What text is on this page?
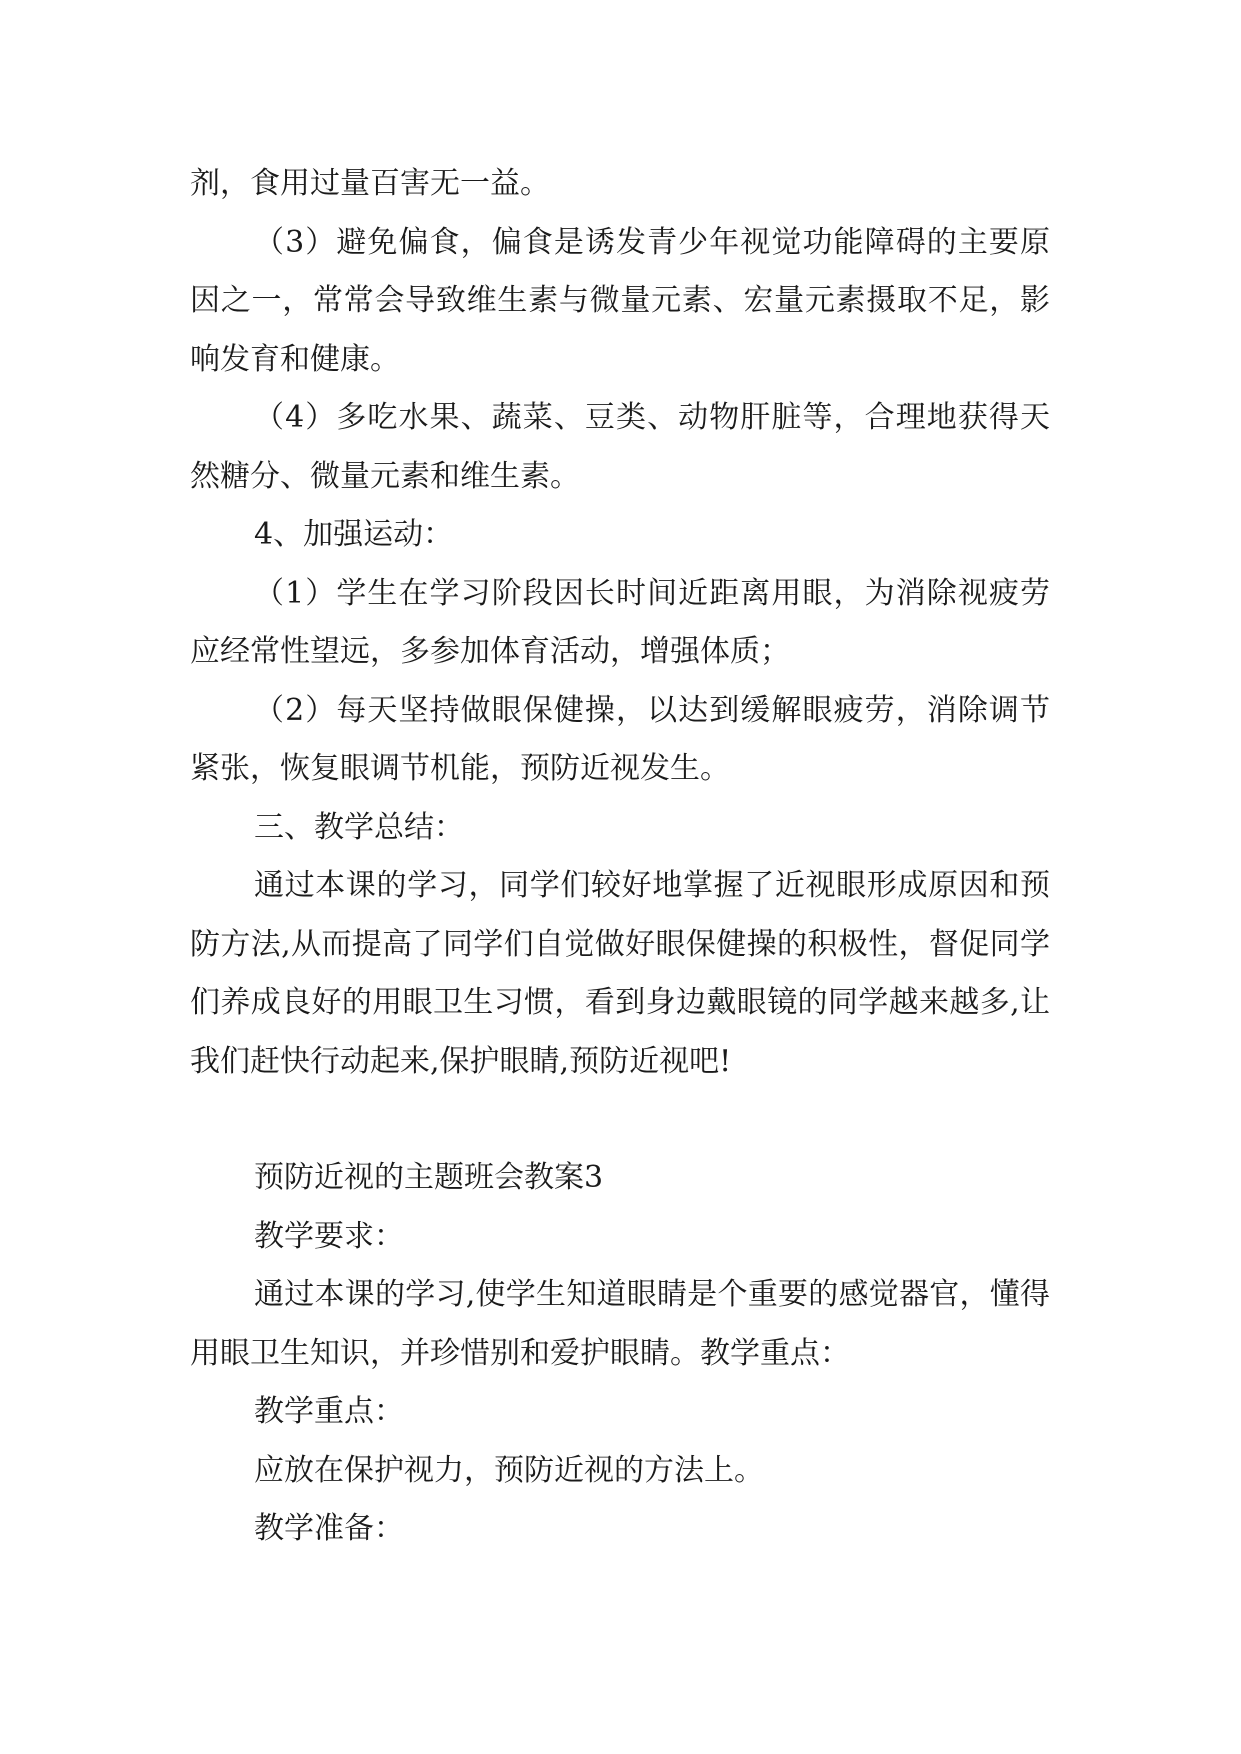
剂，食用过量百害无一益。

（3）避免偏食，偏食是诱发青少年视觉功能障碍的主要原因之一，常常会导致维生素与微量元素、宏量元素摄取不足，影响发育和健康。

（4）多吃水果、蔬菜、豆类、动物肝脏等，合理地获得天然糖分、微量元素和维生素。

4、加强运动：

（1）学生在学习阶段因长时间近距离用眼，为消除视疲劳应经常性望远，多参加体育活动，增强体质；

（2）每天坚持做眼保健操，以达到缓解眼疲劳，消除调节紧张，恢复眼调节机能，预防近视发生。

三、教学总结：

通过本课的学习，同学们较好地掌握了近视眼形成原因和预防方法,从而提高了同学们自觉做好眼保健操的积极性，督促同学们养成良好的用眼卫生习惯，看到身边戴眼镜的同学越来越多,让我们赶快行动起来,保护眼睛,预防近视吧!

预防近视的主题班会教案3

教学要求：

通过本课的学习,使学生知道眼睛是个重要的感觉器官，懂得用眼卫生知识，并珍惜别和爱护眼睛。教学重点：

教学重点：

应放在保护视力，预防近视的方法上。

教学准备：
